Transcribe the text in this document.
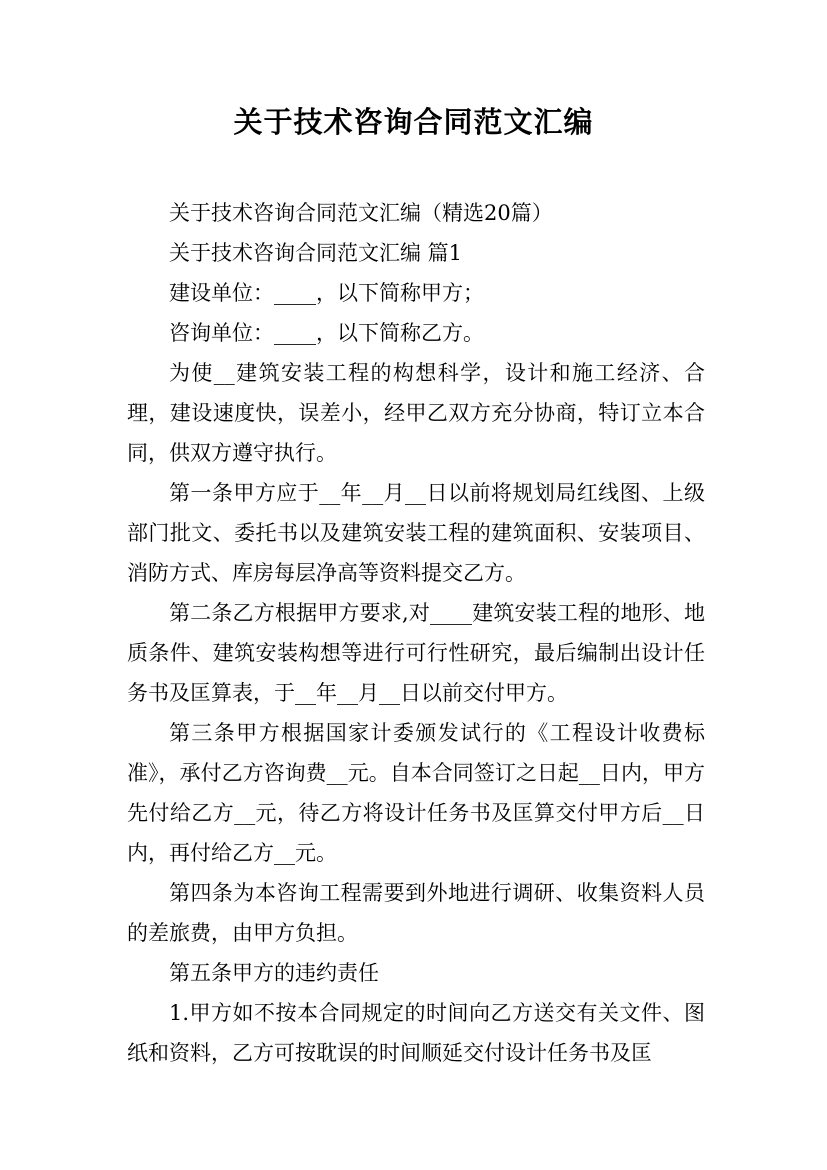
关于技术咨询合同范文汇编

关于技术咨询合同范文汇编（精选20篇）

关于技术咨询合同范文汇编 篇1

建设单位：____，以下简称甲方；

咨询单位：____，以下简称乙方。

为使__建筑安装工程的构想科学，设计和施工经济、合理，建设速度快，误差小，经甲乙双方充分协商，特订立本合同，供双方遵守执行。

第一条甲方应于__年__月__日以前将规划局红线图、上级部门批文、委托书以及建筑安装工程的建筑面积、安装项目、消防方式、库房每层净高等资料提交乙方。

第二条乙方根据甲方要求,对____建筑安装工程的地形、地质条件、建筑安装构想等进行可行性研究，最后编制出设计任务书及匡算表，于__年__月__日以前交付甲方。

第三条甲方根据国家计委颁发试行的《工程设计收费标准》，承付乙方咨询费__元。自本合同签订之日起__日内，甲方先付给乙方__元，待乙方将设计任务书及匡算交付甲方后__日内，再付给乙方__元。

第四条为本咨询工程需要到外地进行调研、收集资料人员的差旅费，由甲方负担。

第五条甲方的违约责任

1.甲方如不按本合同规定的时间向乙方送交有关文件、图纸和资料，乙方可按耽误的时间顺延交付设计任务书及匡
